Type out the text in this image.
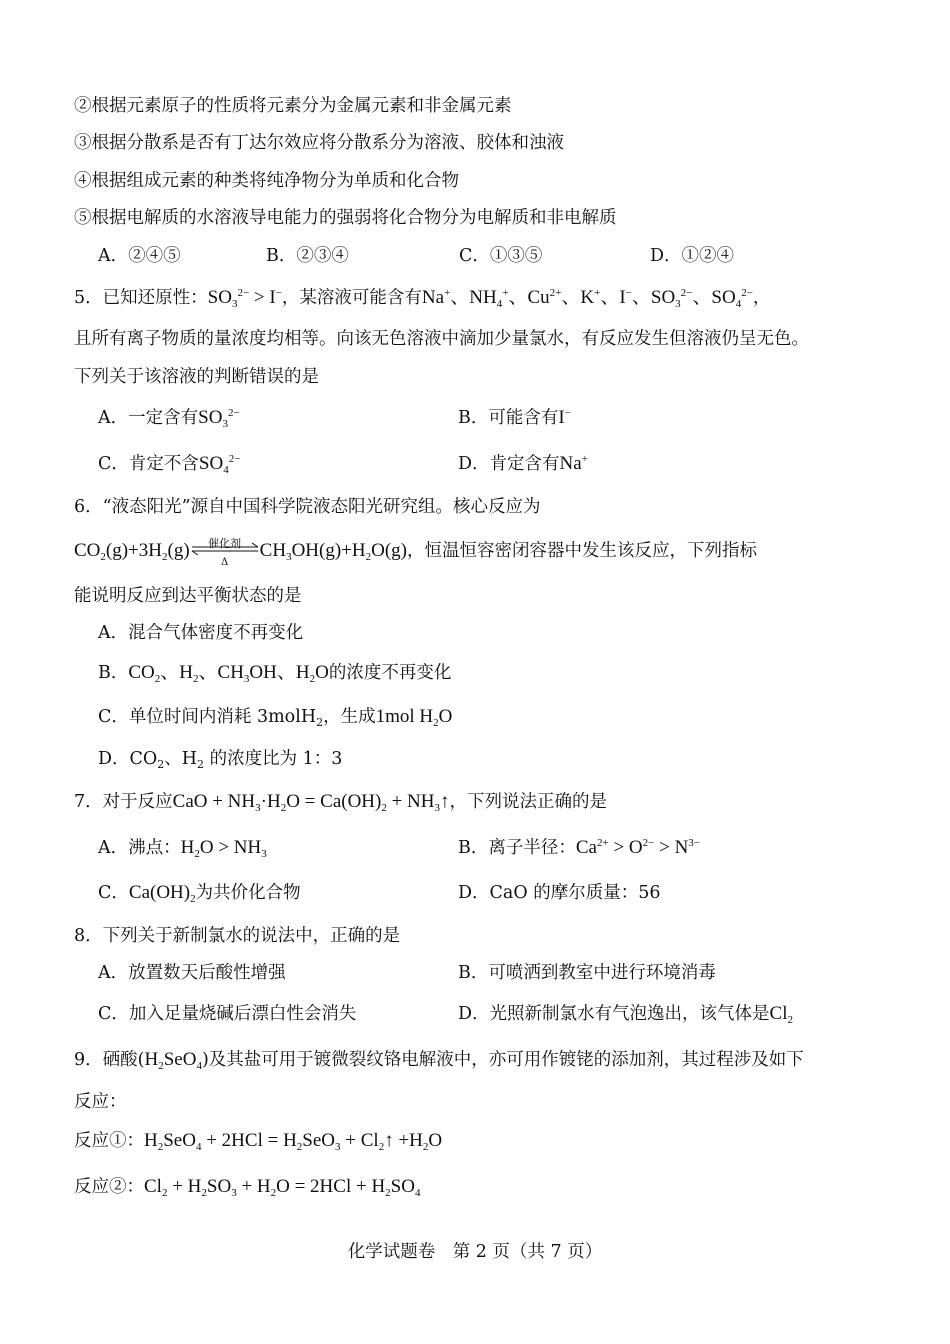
②根据元素原子的性质将元素分为金属元素和非金属元素
③根据分散系是否有丁达尔效应将分散系分为溶液、胶体和浊液
④根据组成元素的种类将纯净物分为单质和化合物
⑤根据电解质的水溶液导电能力的强弱将化合物分为电解质和非电解质
A．②④⑤	B．②③④	C．①③⑤	D．①②④
5．已知还原性：$SO_3^{2-} > I^-$，某溶液可能含有Na+、$NH_4^+$、$Cu^{2+}$、K+、I−、$SO_3^{2-}$、$SO_4^{2-}$，
且所有离子物质的量浓度均相等。向该无色溶液中滴加少量氯水，有反应发生但溶液仍呈无色。
下列关于该溶液的判断错误的是
A．一定含有$SO_3^{2-}$	B．可能含有I−
C．肯定不含$SO_4^{2-}$	D．肯定含有Na+
6．“液态阳光”源自中国科学院液态阳光研究组。核心反应为
$CO_2(g)+3H_2(g)$	催化剂
Δ
$CH_3OH(g)+H_2O(g)$，恒温恒容密闭容器中发生该反应，下列指标
能说明反应到达平衡状态的是
A．混合气体密度不再变化
B．$CO_2$、$H_2$、$CH_3OH$、$H_2O$的浓度不再变化
C．单位时间内消耗 3molH$_2$，生成1mol $H_2O$
D．$CO_2$、$H_2$ 的浓度比为 1：3
7．对于反应CaO + $NH_3\cdot H_2O = Ca(OH)_2$ + $NH_3↑$，下列说法正确的是
A．沸点：$H_2O > NH_3$	B．离子半径：$Ca^{2+} > O^{2-} > N^{3-}$
C．$Ca(OH)_2$为共价化合物	D．CaO 的摩尔质量：56
8．下列关于新制氯水的说法中，正确的是
A．放置数天后酸性增强	B．可喷洒到教室中进行环境消毒
C．加入足量烧碱后漂白性会消失	D．光照新制氯水有气泡逸出，该气体是$Cl_2$
9．硒酸$(H_2SeO_4)$及其盐可用于镀微裂纹铬电解液中，亦可用作镀铑的添加剂，其过程涉及如下
反应：
反应①：$H_2SeO_4 + 2HCl = H_2SeO_3$ + $Cl_2↑ +H_2O$
反应②：$Cl_2 + H_2SO_3 + H_2O = 2HCl + H_2SO_4$
化学试题卷　第 2 页（共 7 页）
